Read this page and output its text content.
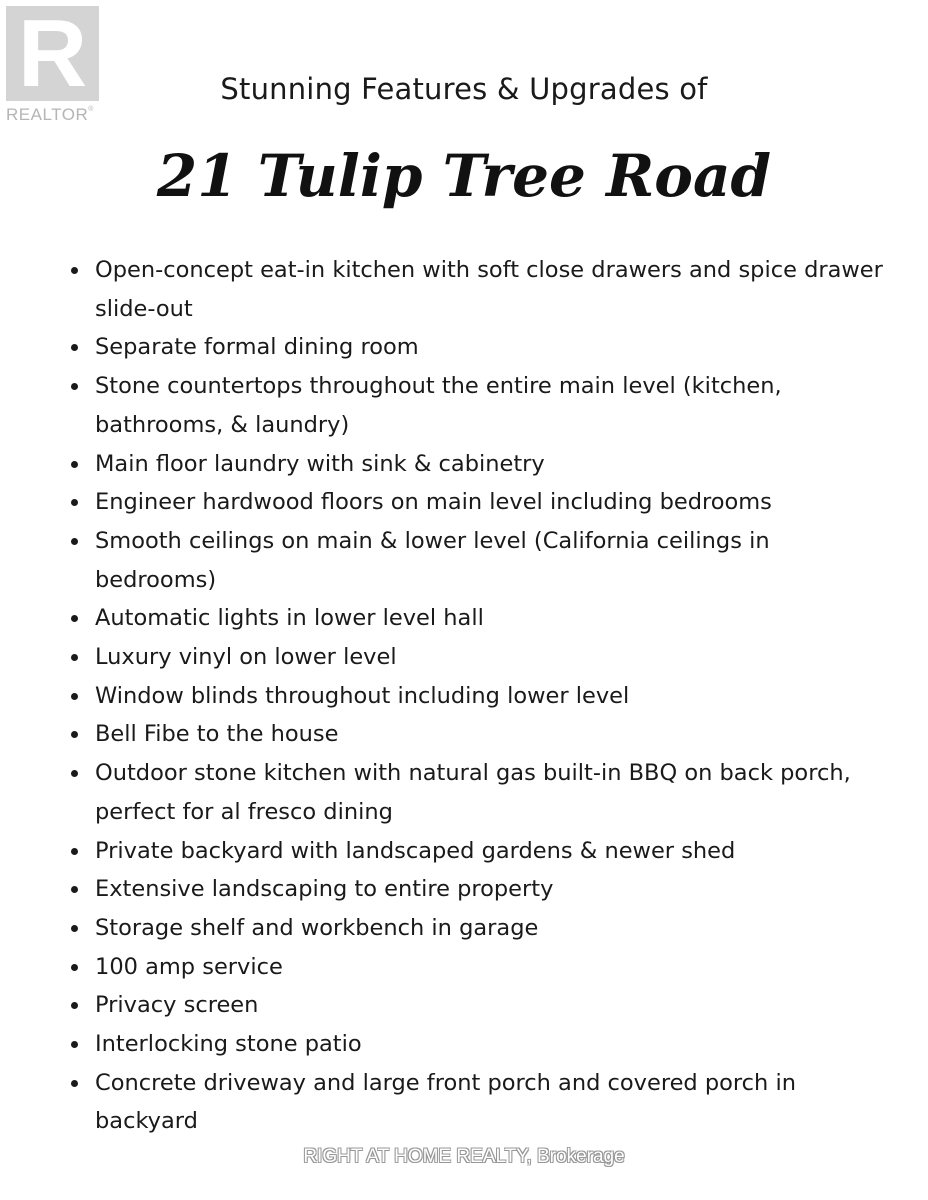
R
REALTOR®
Stunning Features & Upgrades of
21 Tulip Tree Road
Open-concept eat-in kitchen with soft close drawers and spice drawer slide-out
Separate formal dining room
Stone countertops throughout the entire main level (kitchen, bathrooms, & laundry)
Main floor laundry with sink & cabinetry
Engineer hardwood floors on main level including bedrooms
Smooth ceilings on main & lower level (California ceilings in bedrooms)
Automatic lights in lower level hall
Luxury vinyl on lower level
Window blinds throughout including lower level
Bell Fibe to the house
Outdoor stone kitchen with natural gas built-in BBQ on back porch, perfect for al fresco dining
Private backyard with landscaped gardens & newer shed
Extensive landscaping to entire property
Storage shelf and workbench in garage
100 amp service
Privacy screen
Interlocking stone patio
Concrete driveway and large front porch and covered porch in backyard
RIGHT AT HOME REALTY, Brokerage
